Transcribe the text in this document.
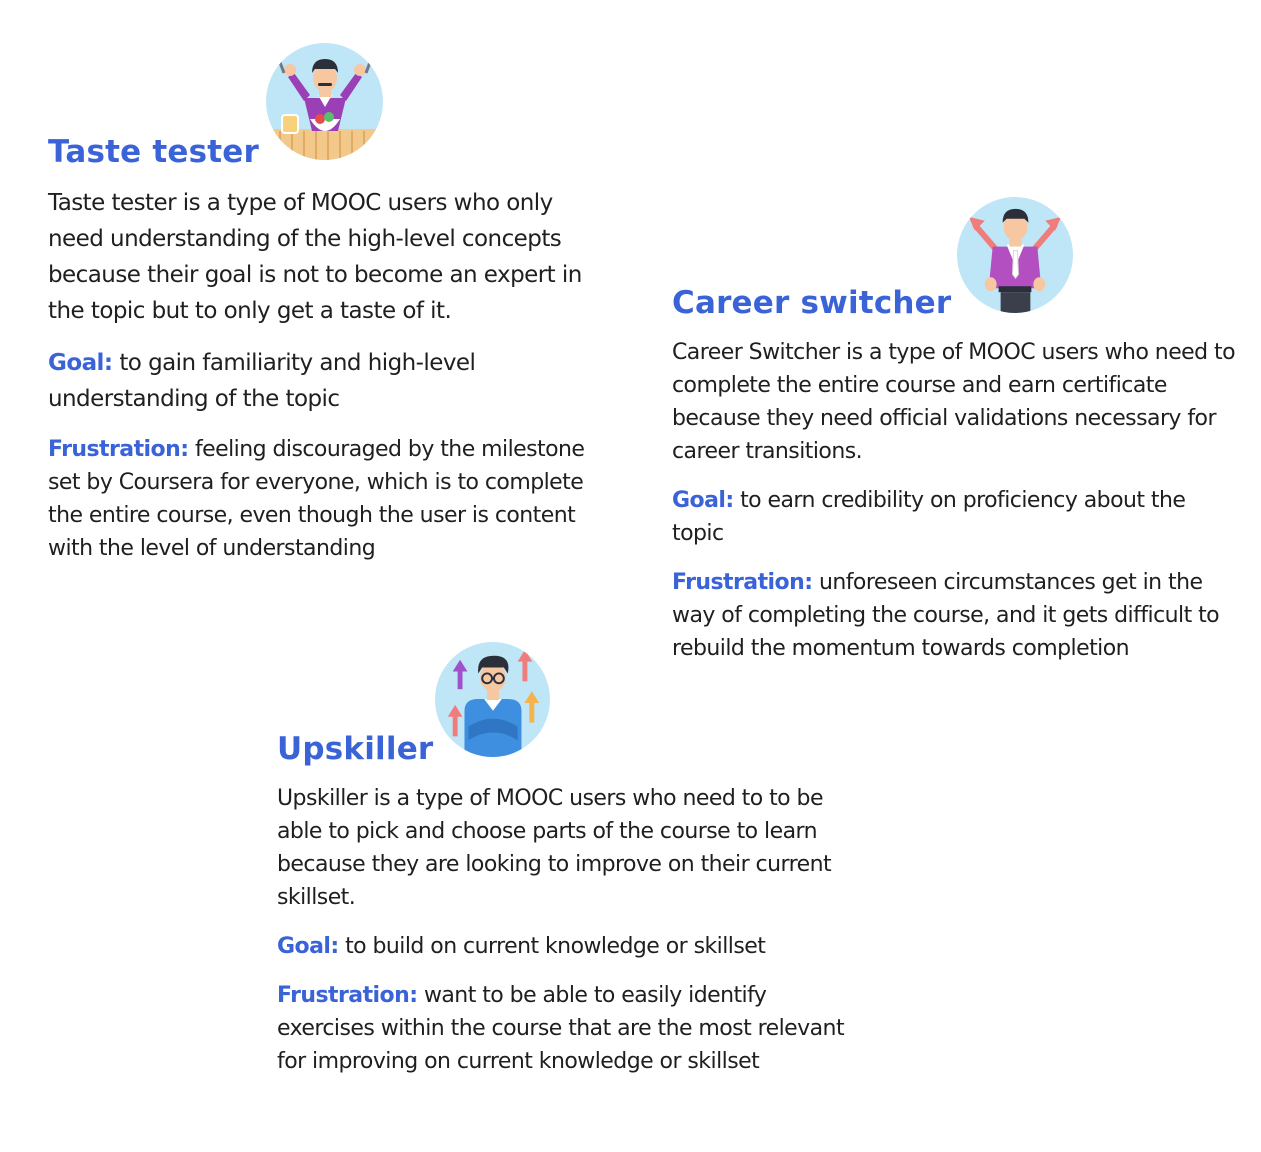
Taste tester

Taste tester is a type of MOOC users who only need understanding of the high-level concepts because their goal is not to become an expert in the topic but to only get a taste of it.

Goal: to gain familiarity and high-level understanding of the topic

Frustration: feeling discouraged by the milestone set by Coursera for everyone, which is to complete the entire course, even though the user is content with the level of understanding

Career switcher

Career Switcher is a type of MOOC users who need to complete the entire course and earn certificate because they need official validations necessary for career transitions.

Goal: to earn credibility on proficiency about the topic

Frustration: unforeseen circumstances get in the way of completing the course, and it gets difficult to rebuild the momentum towards completion

Upskiller

Upskiller is a type of MOOC users who need to to be able to pick and choose parts of the course to learn because they are looking to improve on their current skillset.

Goal: to build on current knowledge or skillset

Frustration: want to be able to easily identify exercises within the course that are the most relevant for improving on current knowledge or skillset
